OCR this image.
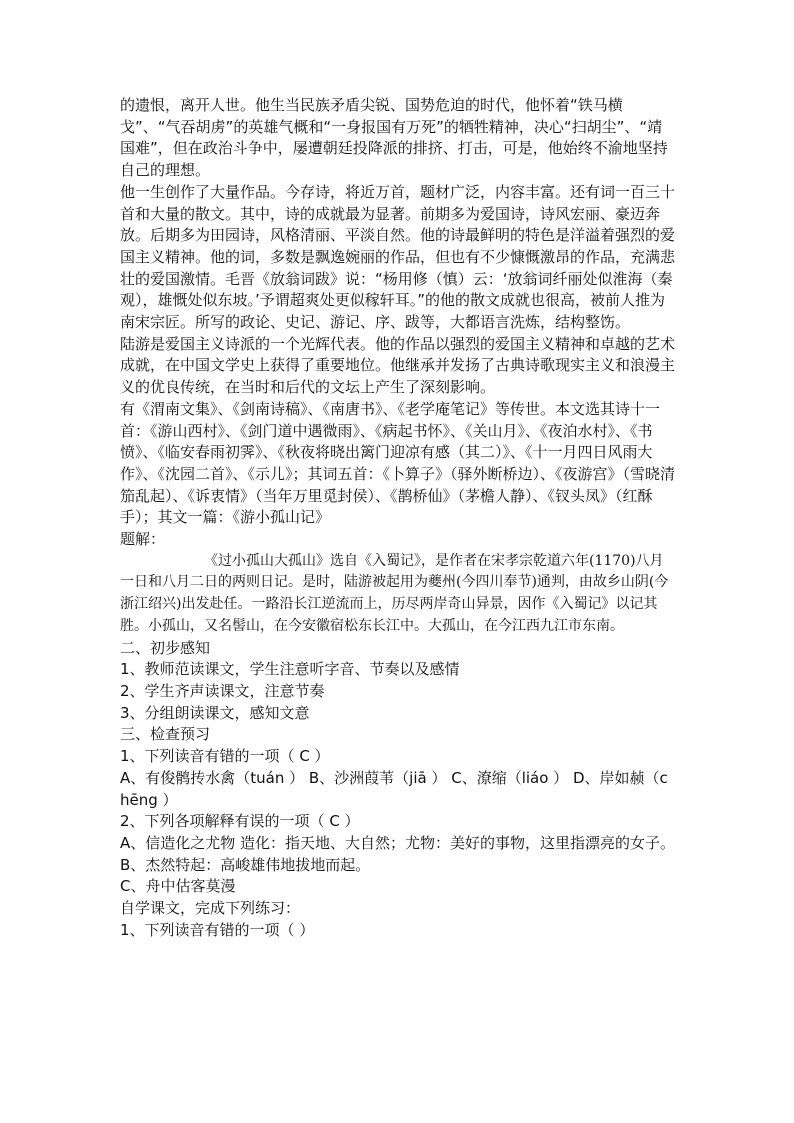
的遗恨，离开人世。他生当民族矛盾尖锐、国势危迫的时代，他怀着“铁马横戈”、“气吞胡虏”的英雄气概和“一身报国有万死”的牺牲精神，决心“扫胡尘”、“靖国难”，但在政治斗争中，屡遭朝廷投降派的排挤、打击，可是，他始终不渝地坚持自己的理想。

他一生创作了大量作品。今存诗，将近万首，题材广泛，内容丰富。还有词一百三十首和大量的散文。其中，诗的成就最为显著。前期多为爱国诗，诗风宏丽、豪迈奔放。后期多为田园诗，风格清丽、平淡自然。他的诗最鲜明的特色是洋溢着强烈的爱国主义精神。他的词，多数是飘逸婉丽的作品，但也有不少慷慨激昂的作品，充满悲壮的爱国激情。毛晋《放翁词跋》说：“杨用修（慎）云：‘放翁词纤丽处似淮海（秦观），雄慨处似东坡。’予谓超爽处更似稼轩耳。”的他的散文成就也很高，被前人推为南宋宗匠。所写的政论、史记、游记、序、跋等，大都语言洗炼，结构整饬。

陆游是爱国主义诗派的一个光辉代表。他的作品以强烈的爱国主义精神和卓越的艺术成就，在中国文学史上获得了重要地位。他继承并发扬了古典诗歌现实主义和浪漫主义的优良传统，在当时和后代的文坛上产生了深刻影响。

有《渭南文集》、《剑南诗稿》、《南唐书》、《老学庵笔记》等传世。本文选其诗十一首：《游山西村》、《剑门道中遇微雨》、《病起书怀》、《关山月》、《夜泊水村》、《书愤》、《临安春雨初霁》、《秋夜将晓出篱门迎凉有感（其二）》、《十一月四日风雨大作》、《沈园二首》、《示儿》；其词五首：《卜算子》（驿外断桥边）、《夜游宫》（雪晓清笳乱起）、《诉衷情》（当年万里觅封侯）、《鹊桥仙》（茅檐人静）、《钗头凤》（红酥手）；其文一篇：《游小孤山记》

题解：

《过小孤山大孤山》选自《入蜀记》，是作者在宋孝宗乾道六年(1170)八月一日和八月二日的两则日记。是时，陆游被起用为夔州(今四川奉节)通判，由故乡山阴(今浙江绍兴)出发赴任。一路沿长江逆流而上，历尽两岸奇山异景，因作《入蜀记》以记其胜。小孤山，又名髻山，在今安徽宿松东长江中。大孤山，在今江西九江市东南。

二、初步感知

1、教师范读课文，学生注意听字音、节奏以及感情

2、学生齐声读课文，注意节奏

3、分组朗读课文，感知文意

三、检查预习

1、下列读音有错的一项（ C ）

A、有俊鹘抟水禽（tuán ） B、沙洲葭苇（jiā ） C、潦缩（liáo ） D、岸如赪（chēng ）

2、下列各项解释有误的一项（ C ）

A、信造化之尤物 造化：指天地、大自然；尤物：美好的事物，这里指漂亮的女子。

B、杰然特起：高峻雄伟地拔地而起。

C、舟中估客莫漫

自学课文，完成下列练习：

1、下列读音有错的一项（ ）
